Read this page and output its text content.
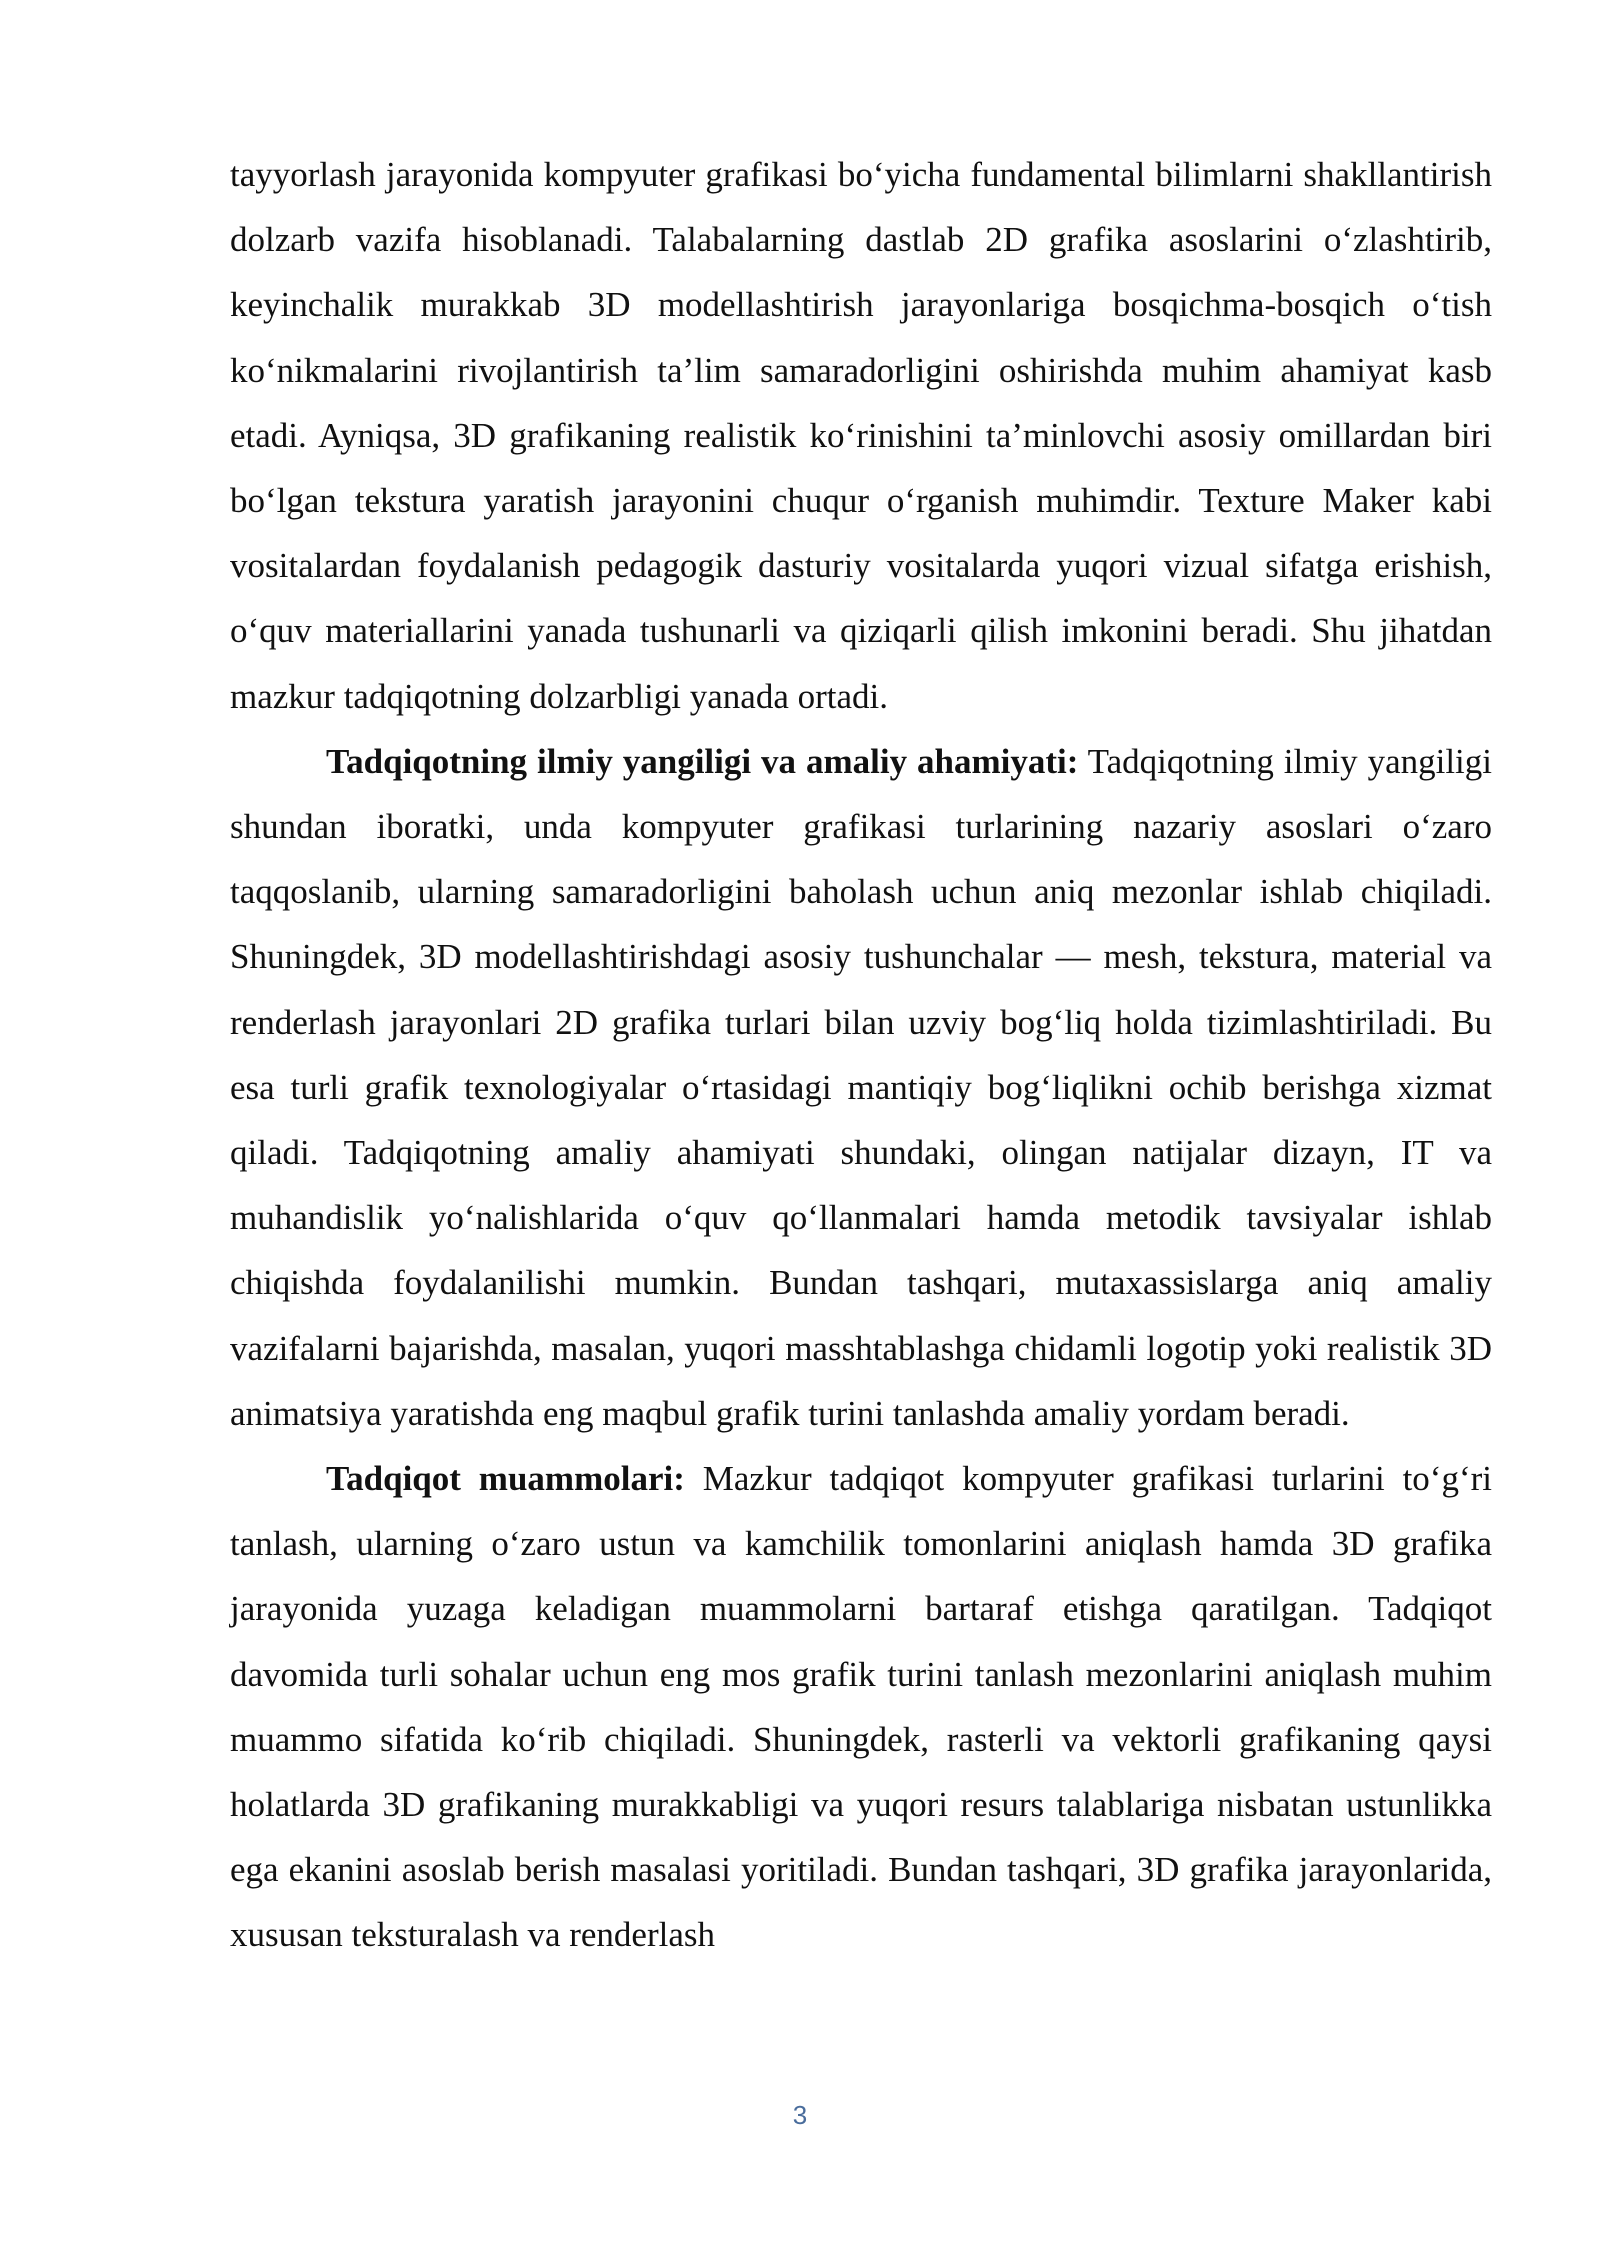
tayyorlash jarayonida kompyuter grafikasi bo‘yicha fundamental bilimlarni shakllantirish dolzarb vazifa hisoblanadi. Talabalarning dastlab 2D grafika asoslarini o‘zlashtirib, keyinchalik murakkab 3D modellashtirish jarayonlariga bosqichma-bosqich o‘tish ko‘nikmalarini rivojlantirish ta’lim samaradorligini oshirishda muhim ahamiyat kasb etadi. Ayniqsa, 3D grafikaning realistik ko‘rinishini ta’minlovchi asosiy omillardan biri bo‘lgan tekstura yaratish jarayonini chuqur o‘rganish muhimdir. Texture Maker kabi vositalardan foydalanish pedagogik dasturiy vositalarda yuqori vizual sifatga erishish, o‘quv materiallarini yanada tushunarli va qiziqarli qilish imkonini beradi. Shu jihatdan mazkur tadqiqotning dolzarbligi yanada ortadi.

Tadqiqotning ilmiy yangiligi va amaliy ahamiyati: Tadqiqotning ilmiy yangiligi shundan iboratki, unda kompyuter grafikasi turlarining nazariy asoslari o‘zaro taqqoslanib, ularning samaradorligini baholash uchun aniq mezonlar ishlab chiqiladi. Shuningdek, 3D modellashtirishdagi asosiy tushunchalar — mesh, tekstura, material va renderlash jarayonlari 2D grafika turlari bilan uzviy bog‘liq holda tizimlashtiriladi. Bu esa turli grafik texnologiyalar o‘rtasidagi mantiqiy bog‘liqlikni ochib berishga xizmat qiladi. Tadqiqotning amaliy ahamiyati shundaki, olingan natijalar dizayn, IT va muhandislik yo‘nalishlarida o‘quv qo‘llanmalari hamda metodik tavsiyalar ishlab chiqishda foydalanilishi mumkin. Bundan tashqari, mutaxassislarga aniq amaliy vazifalarni bajarishda, masalan, yuqori masshtablashga chidamli logotip yoki realistik 3D animatsiya yaratishda eng maqbul grafik turini tanlashda amaliy yordam beradi.

Tadqiqot muammolari: Mazkur tadqiqot kompyuter grafikasi turlarini to‘g‘ri tanlash, ularning o‘zaro ustun va kamchilik tomonlarini aniqlash hamda 3D grafika jarayonida yuzaga keladigan muammolarni bartaraf etishga qaratilgan. Tadqiqot davomida turli sohalar uchun eng mos grafik turini tanlash mezonlarini aniqlash muhim muammo sifatida ko‘rib chiqiladi. Shuningdek, rasterli va vektorli grafikaning qaysi holatlarda 3D grafikaning murakkabligi va yuqori resurs talablariga nisbatan ustunlikka ega ekanini asoslab berish masalasi yoritiladi. Bundan tashqari, 3D grafika jarayonlarida, xususan teksturalash va renderlash

3
